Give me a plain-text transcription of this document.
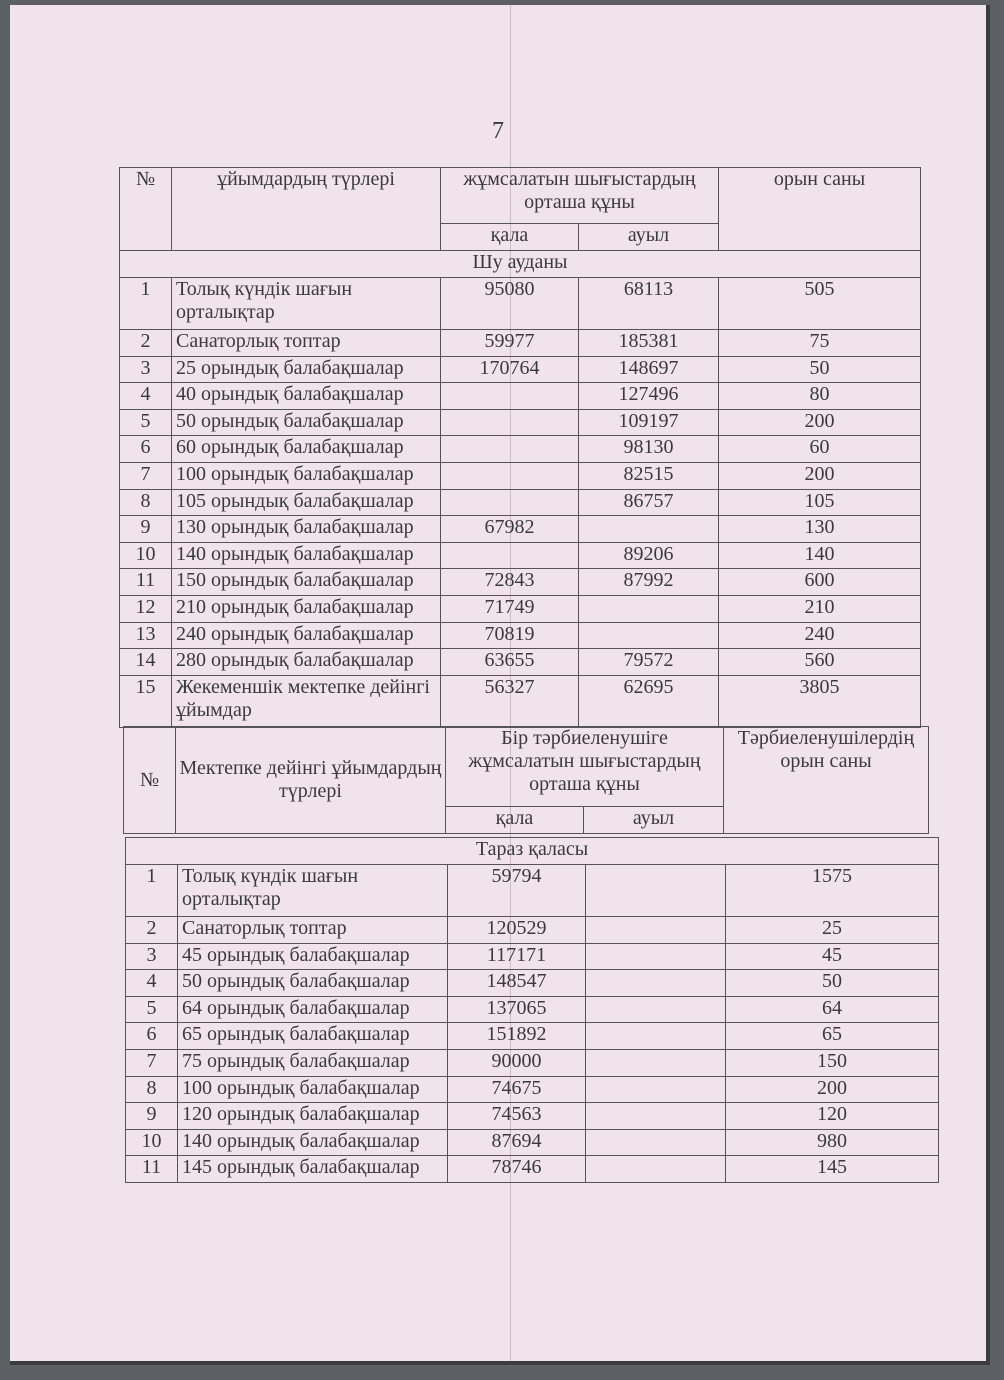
7
№	ұйымдардың түрлері	жұмсалатын шығыстардың орташа құны		орын саны
		қала	ауыл	
Шу ауданы				
1	Толық күндік шағын орталықтар	95080	68113	505
2	Санаторлық топтар	59977	185381	75
3	25 орындық балабақшалар	170764	148697	50
4	40 орындық балабақшалар		127496	80
5	50 орындық балабақшалар		109197	200
6	60 орындық балабақшалар		98130	60
7	100 орындық балабақшалар		82515	200
8	105 орындық балабақшалар		86757	105
9	130 орындық балабақшалар	67982		130
10	140 орындық балабақшалар		89206	140
11	150 орындық балабақшалар	72843	87992	600
12	210 орындық балабақшалар	71749		210
13	240 орындық балабақшалар	70819		240
14	280 орындық балабақшалар	63655	79572	560
15	Жекеменшік мектепке дейінгі ұйымдар	56327	62695	3805
№	Мектепке дейінгі ұйымдардың түрлері	Бір тәрбиеленушіге жұмсалатын шығыстардың орташа құны		Тәрбиеленушілердің орын саны
		қала	ауыл	
Тараз қаласы				
1	Толық күндік шағын орталықтар	59794		1575
2	Санаторлық топтар	120529		25
3	45 орындық балабақшалар	117171		45
4	50 орындық балабақшалар	148547		50
5	64 орындық балабақшалар	137065		64
6	65 орындық балабақшалар	151892		65
7	75 орындық балабақшалар	90000		150
8	100 орындық балабақшалар	74675		200
9	120 орындық балабақшалар	74563		120
10	140 орындық балабақшалар	87694		980
11	145 орындық балабақшалар	78746		145
